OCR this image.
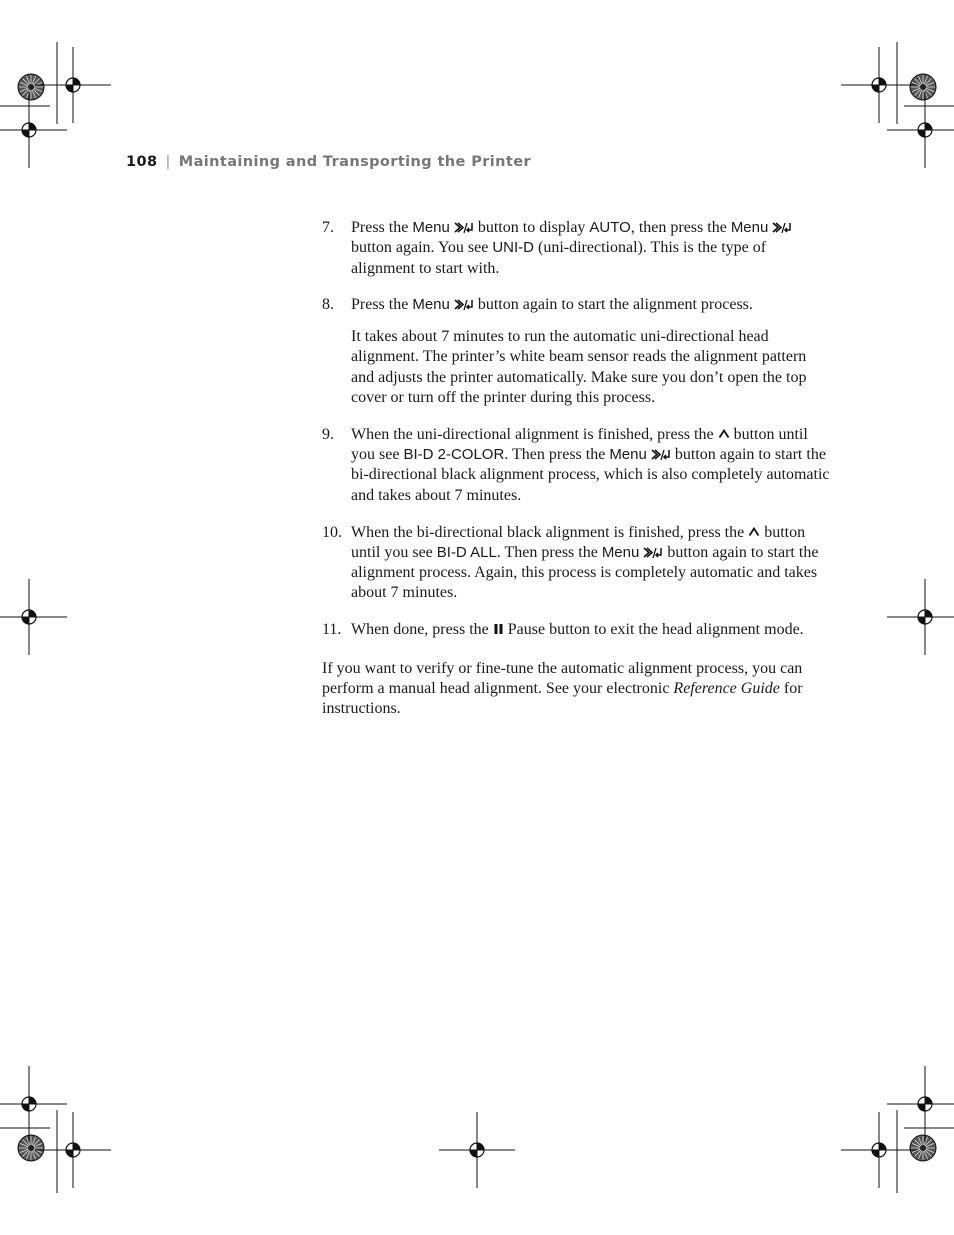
108 | Maintaining and Transporting the Printer
7. Press the Menu  button to display AUTO, then press the Menu  button again. You see UNI-D (uni-directional). This is the type of alignment to start with.

8. Press the Menu  button again to start the alignment process.

It takes about 7 minutes to run the automatic uni-directional head alignment. The printer’s white beam sensor reads the alignment pattern and adjusts the printer automatically. Make sure you don’t open the top cover or turn off the printer during this process.

9. When the uni-directional alignment is finished, press the  button until you see BI-D 2-COLOR. Then press the Menu  button again to start the bi-directional black alignment process, which is also completely automatic and takes about 7 minutes.

10. When the bi-directional black alignment is finished, press the  button until you see BI-D ALL. Then press the Menu  button again to start the alignment process. Again, this process is completely automatic and takes about 7 minutes.

11. When done, press the  Pause button to exit the head alignment mode.

If you want to verify or fine-tune the automatic alignment process, you can perform a manual head alignment. See your electronic Reference Guide for instructions.
